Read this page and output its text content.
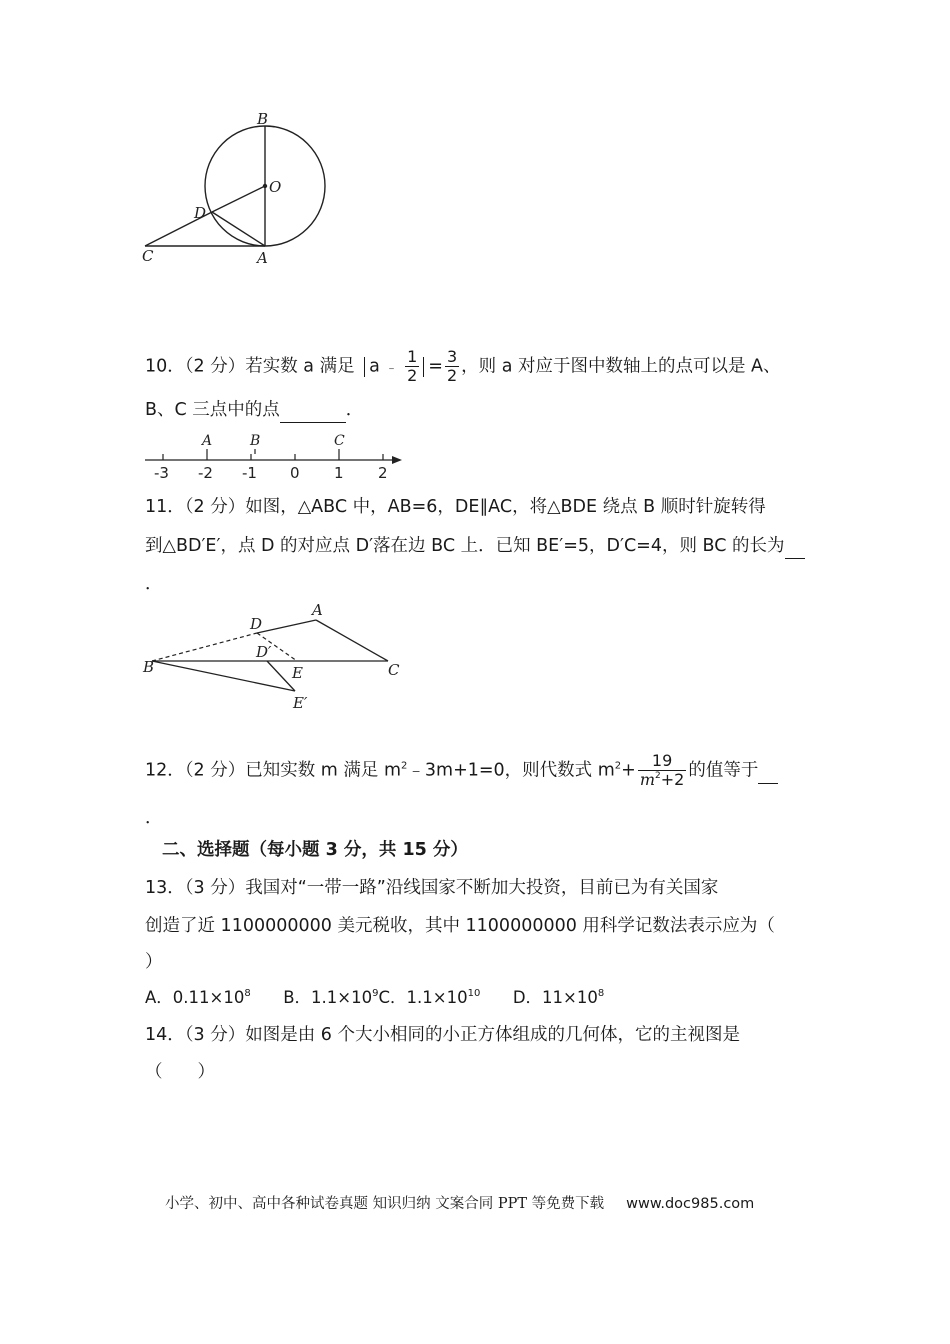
B
O
D
C	A
10．（2 分）若实数 a 满足 a ﹣ $\frac{1}{2} = \frac{3}{2}$ ，则 a 对应于图中数轴上的点可以是 A、
B、C 三点中的点	．
A	B	C
-3 -2 -1 0 1 2
11．（2 分）如图，△ABC 中，AB=6，DE∥AC，将△BDE 绕点 B 顺时针旋转得
到△BD′E′，点 D 的对应点 D′落在边 BC 上．已知 BE′=5，D′C=4，则 BC 的长为
．
A
D
D′
B	E	C
E′
12．（2 分）已知实数 m 满足 $m^2﹣3m+1=0$，则代数式 $m^2+ \frac{19}{m^2+2}$ 的值等于
．
二、选择题（每小题 3 分，共 15 分）
13．（3 分）我国对“一带一路”沿线国家不断加大投资，目前已为有关国家
创造了近 1100000000 美元税收，其中 1100000000 用科学记数法表示应为（
）
A．$0.11\times 10^8$ B．$1.1\times 10^9C$．$1.1\times 10^{10}$ D．$11\times 10^8$
14．（3 分）如图是由 6 个大小相同的小正方体组成的几何体，它的主视图是
（　　）
小学、初中、高中各种试卷真题 知识归纳 文案合同 PPT 等免费下载 www.doc985.com
